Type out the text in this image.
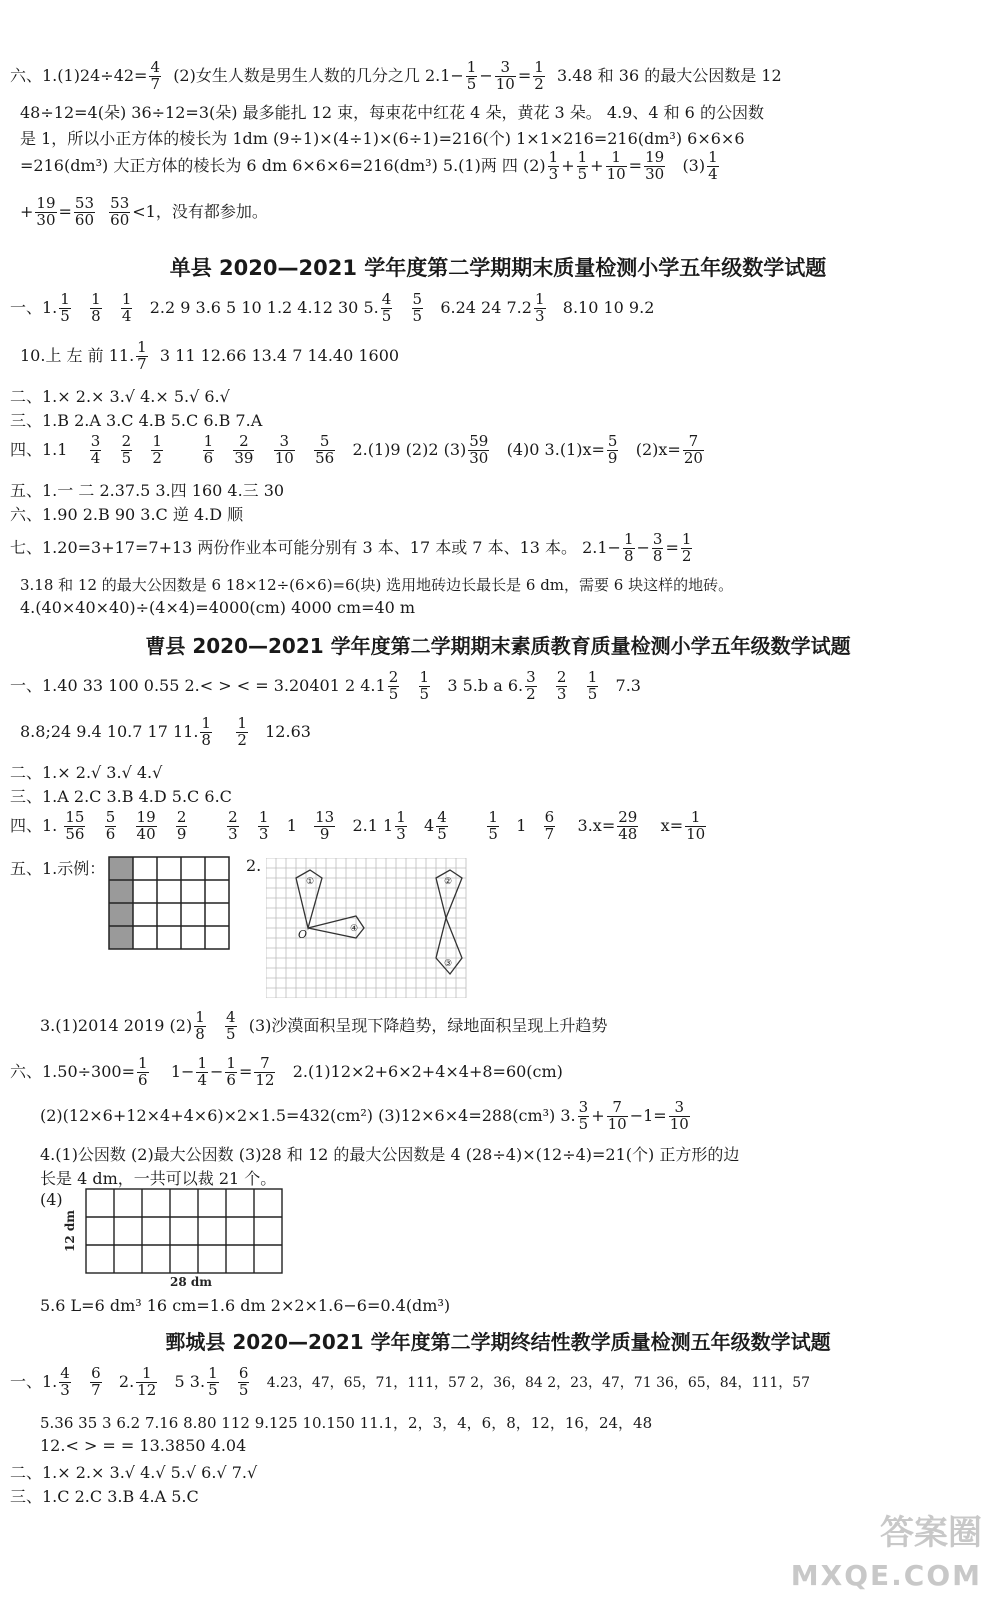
六、$1.(1)24\div 42= \frac{4}{7} (2)$女生人数是男生人数的几分之几 $2.1- \frac{1}{5} - \frac{3}{10} = \frac{1}{2} 3.48$ 和 36 的最大公因数是 12
48÷12=4(朵) 36÷12=3(朵) 最多能扎 12 束，每束花中红花 4 朵，黄花 3 朵。 4.9、4 和 6 的公因数
是 1，所以小正方体的棱长为 1dm (9÷1)×(4÷1)×(6÷1)=216(个) 1×1×216=216(dm³) 6×6×6
=216(dm³) 大正方体的棱长为 6 dm 6×6×6=216(dm³) 5.(1)两 四 $(2) \frac{1}{3} + \frac{1}{5} + \frac{1}{10} = \frac{19}{30} (3) \frac{1}{4}$
+ $\frac{19}{30} = \frac{53}{60}$
$\frac{53}{60} <1$，没有都参加。
单县 2020—2021 学年度第二学期期末质量检测小学五年级数学试题
一、1. $\frac{1}{5}$
$\frac{1}{8}$
$\frac{1}{4} 2.2$ 9 3.6 5 10 1.2 4.12 30 5. $\frac{4}{5}$
$\frac{5}{5} 6.24$ 24 $7.2 \frac{1}{3} 8.10$ 10 9.2
10.上 左 前 11. $\frac{1}{7} 3$ 11 12.66 13.4 7 14.40 1600
二、1.× 2.× 3.√ 4.× 5.√ 6.√
三、1.B 2.A 3.C 4.B 5.C 6.B 7.A
四、$1.1 \frac{3}{4}$
$\frac{2}{5}$
$\frac{1}{2}$
	$\frac{1}{6}$
$\frac{2}{39}$
$\frac{3}{10}$
$\frac{5}{56} 2.(1)9$ (2)2 $(3) \frac{59}{30} (4)0$ $3.(1)x= \frac{5}{9} (2)x= \frac{7}{20}$
五、1.一 二 2.37.5 3.四 160 4.三 30
六、1.90 2.B 90 3.C 逆 4.D 顺
七、1.20=3+17=7+13 两份作业本可能分别有 3 本、17 本或 7 本、13 本。 $2.1- \frac{1}{8} - \frac{3}{8} = \frac{1}{2}$
3.18 和 12 的最大公因数是 6 18×12÷(6×6)=6(块) 选用地砖边长最长是 6 dm，需要 6 块这样的地砖。
4.(40×40×40)÷(4×4)=4000(cm) 4000 cm=40 m
曹县 2020—2021 学年度第二学期期末素质教育质量检测小学五年级数学试题
一、1.40 33 100 0.55 2.< > < = 3.20401 2 $4.1 \frac{2}{5}$
$\frac{1}{5} 3$ 5.b a 6. $\frac{3}{2}$
$\frac{2}{3}$
$\frac{1}{5} 7.3$
8.8;24 9.4 10.7 17 11. $\frac{1}{8}$
$\frac{1}{2} 12.63$
二、1.× 2.√ 3.√ 4.√
三、1.A 2.C 3.B 4.D 5.C 6.C
四、1. $\frac{15}{56}$
$\frac{5}{6}$
$\frac{19}{40}$
$\frac{2}{9}$
	$\frac{2}{3}$
$\frac{1}{3} 1 \frac{13}{9} 2.1$ $1 \frac{1}{3} 4 \frac{4}{5}$
	$\frac{1}{5} 1 \frac{6}{7} 3.x= \frac{29}{48} x= \frac{1}{10}$
五、1.示例：	2.
①	②
③
④
O
3.(1)2014 2019 $(2) \frac{1}{8}$
$\frac{4}{5} (3)$沙漠面积呈现下降趋势，绿地面积呈现上升趋势
六、$1.50\div 300= \frac{1}{6} 1- \frac{1}{4} - \frac{1}{6} = \frac{7}{12} 2.(1)12\times 2+6\times 2+4\times 4+8=60(cm)$
(2)(12×6+12×4+4×6)×2×1.5=432(cm²) (3)12×6×4=288(cm³) 3. $\frac{3}{5} + \frac{7}{10} -1= \frac{3}{10}$
4.(1)公因数 (2)最大公因数 (3)28 和 12 的最大公因数是 4 (28÷4)×(12÷4)=21(个) 正方形的边
长是 4 dm，一共可以裁 21 个。
(4)
28 dm
12 dm
5.6 L=6 dm³ 16 cm=1.6 dm 2×2×1.6−6=0.4(dm³)
鄄城县 2020—2021 学年度第二学期终结性教学质量检测五年级数学试题
一、1. $\frac{4}{3}$
$\frac{6}{7} 2$. $\frac{1}{12} 5$ 3. $\frac{1}{5}$
$\frac{6}{5} 4.23$，47，65，71，111，57 2，36，84 2，23，47，71 36，65，84，111，57
5.36 35 3 6.2 7.16 8.80 112 9.125 10.150 11.1，2，3，4，6，8，12，16，24，48
12.< > = = 13.3850 4.04
二、1.× 2.× 3.√ 4.√ 5.√ 6.√ 7.√
三、1.C 2.C 3.B 4.A 5.C
答案圈
MXQE.COM
